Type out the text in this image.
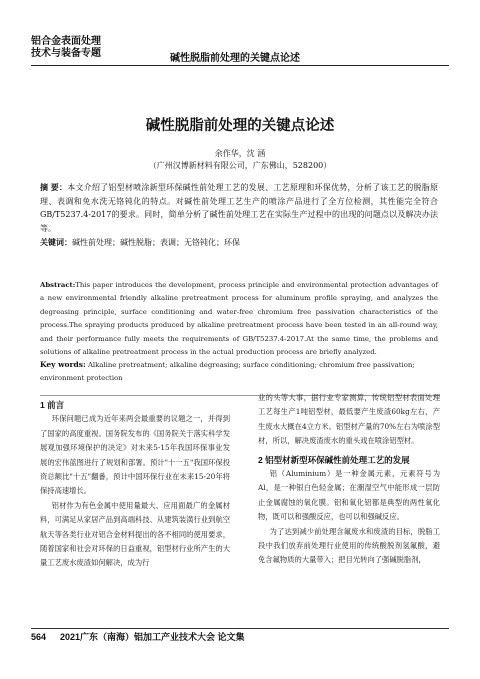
铝合金表面处理
技术与装备专题	碱性脱脂前处理的关键点论述
碱性脱脂前处理的关键点论述
余作华，沈 涵
（广州汉博新材料有限公司，广东佛山，528200）
摘 要：本文介绍了铝型材喷涂新型环保碱性前处理工艺的发展、工艺原理和环保优势，分析了该工艺的脱脂原理、表调和免水洗无铬钝化的特点。对碱性前处理工艺生产的喷涂产品进行了全方位检测，其性能完全符合GB/T5237.4-2017的要求。同时，简单分析了碱性前处理工艺在实际生产过程中的出现的问题点以及解决办法等。
关键词：碱性前处理；碱性脱脂；表调；无铬钝化；环保
Abstract:This paper introduces the development, process principle and environmental protection advantages of a new environmental friendly alkaline pretreatment process for aluminum profile spraying, and analyzes the degreasing principle, surface conditioning and water-free chromium free passivation characteristics of the process.The spraying products produced by alkaline pretreatment process have been tested in an all-round way, and their performance fully meets the requirements of GB/T5237.4-2017.At the same time, the problems and solutions of alkaline pretreatment process in the actual production process are briefly analyzed.
Key words: Alkaline pretreatment; alkaline degreasing; surface conditioning; chromium free passivation; environment protection
1 前言

环保问题已成为近年来两会最重要的议题之一，并得到了国家的高度重视。国务院发布的《国务院关于落实科学发展观加强环境保护的决定》对未来5-15年我国环保事业发展的宏伟蓝图进行了规划和部署。预计"十一五"我国环保投资总额比"十五"翻番，预计中国环保行业在未来15-20年将保持高速增长。

铝材作为有色金属中使用量最大、应用面最广的金属材料，可满足从家居产品到高端科技、从建筑装潢行业到航空航天等各类行业对铝合金材料提出的各不相同的使用要求，随着国家和社会对环保的日益重视，铝型材行业所产生的大量工艺废水废渣如何解决，成为行

业的头等大事，据行业专家测算，传统铝型材表面处理工艺每生产1吨铝型材，最低要产生废渣60kg左右，产生废水大概在4立方米。铝型材产量的70%左右为喷涂型材，所以，解决废渣废水的重头戏在喷涂铝型材。

2 铝型材新型环保碱性前处理工艺的发展

铝（Aluminium）是一种金属元素，元素符号为Al，是一种银白色轻金属；在潮湿空气中能形成一层防止金属腐蚀的氧化膜。铝和氧化铝都是典型的两性氧化物，既可以和强酸反应，也可以和强碱反应。

为了达到减少前处理含氟废水和废渣的目标，脱脂工段中我们放弃前处理行业使用的传统酸脱剂氢氟酸，避免含氟物质的大量带入；把目光转向了强碱脱脂剂，

564 2021广东（南海）铝加工产业技术大会 论文集
